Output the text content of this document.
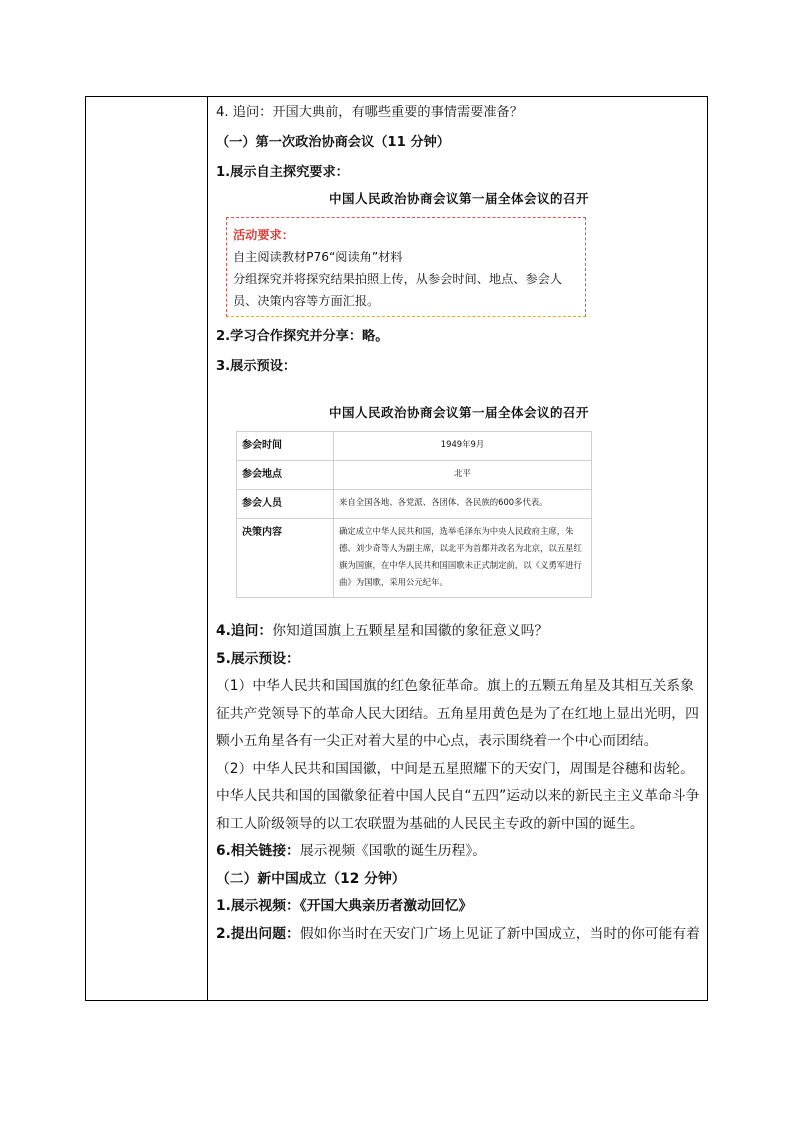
4. 追问：开国大典前，有哪些重要的事情需要准备？

（一）第一次政治协商会议（11 分钟）

1.展示自主探究要求：

中国人民政治协商会议第一届全体会议的召开
活动要求：
自主阅读教材P76“阅读角”材料
分组探究并将探究结果拍照上传，从参会时间、地点、参会人员、决策内容等方面汇报。

2.学习合作探究并分享：略。

3.展示预设：

中国人民政治协商会议第一届全体会议的召开
参会时间	1949年9月
参会地点	北平
参会人员	来自全国各地、各党派、各团体、各民族的600多代表。
决策内容	确定成立中华人民共和国，选举毛泽东为中央人民政府主席，朱德、刘少奇等人为副主席，以北平为首都并改名为北京，以五星红旗为国旗，在中华人民共和国国歌未正式制定前，以《义勇军进行曲》为国歌，采用公元纪年。

4.追问：你知道国旗上五颗星星和国徽的象征意义吗？

5.展示预设：

（1）中华人民共和国国旗的红色象征革命。旗上的五颗五角星及其相互关系象征共产党领导下的革命人民大团结。五角星用黄色是为了在红地上显出光明，四颗小五角星各有一尖正对着大星的中心点，表示围绕着一个中心而团结。

（2）中华人民共和国国徽，中间是五星照耀下的天安门，周围是谷穗和齿轮。中华人民共和国的国徽象征着中国人民自“五四”运动以来的新民主主义革命斗争和工人阶级领导的以工农联盟为基础的人民民主专政的新中国的诞生。

6.相关链接：展示视频《国歌的诞生历程》。

（二）新中国成立（12 分钟）

1.展示视频：《开国大典亲历者激动回忆》

2.提出问题：假如你当时在天安门广场上见证了新中国成立，当时的你可能有着
